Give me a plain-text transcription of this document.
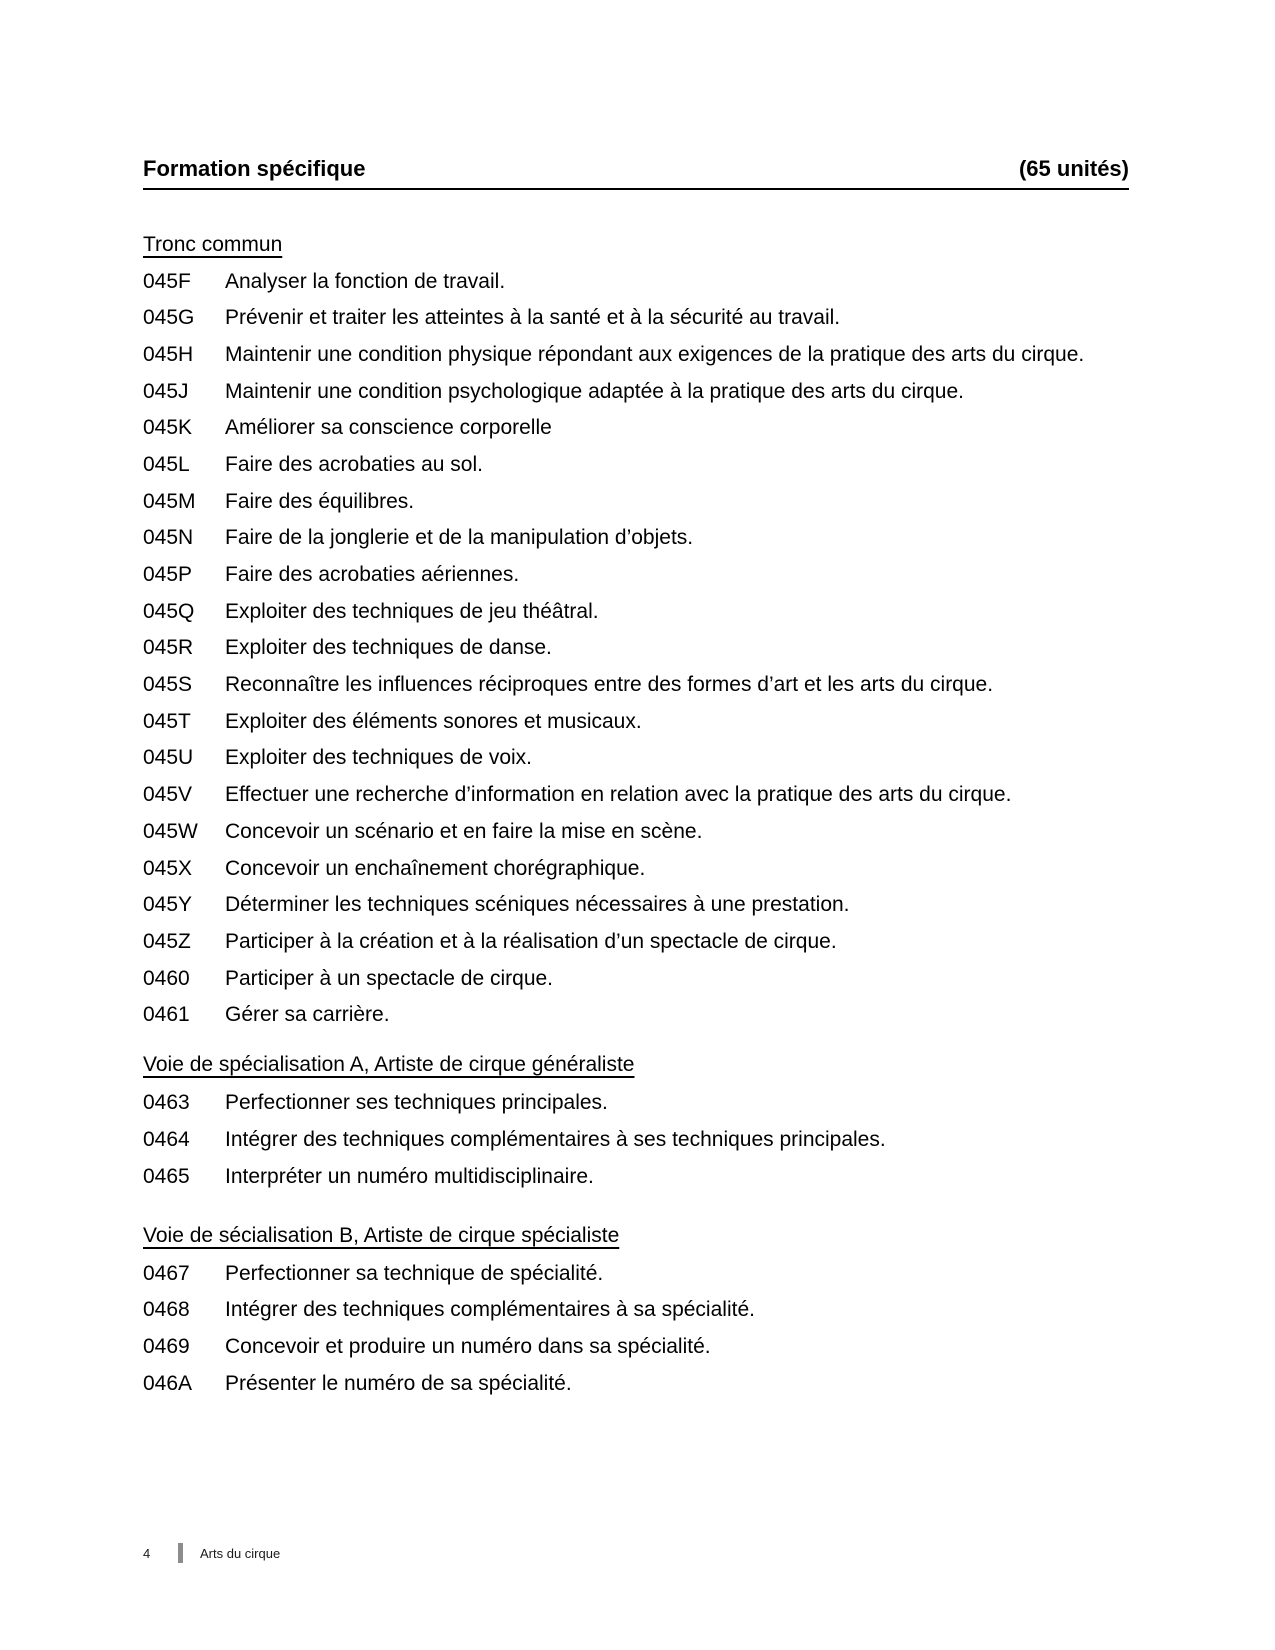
Formation spécifique	(65 unités)
Tronc commun
045F	Analyser la fonction de travail.
045G	Prévenir et traiter les atteintes à la santé et à la sécurité au travail.
045H	Maintenir une condition physique répondant aux exigences de la pratique des arts du cirque.
045J	Maintenir une condition psychologique adaptée à la pratique des arts du cirque.
045K	Améliorer sa conscience corporelle
045L	Faire des acrobaties au sol.
045M	Faire des équilibres.
045N	Faire de la jonglerie et de la manipulation d’objets.
045P	Faire des acrobaties aériennes.
045Q	Exploiter des techniques de jeu théâtral.
045R	Exploiter des techniques de danse.
045S	Reconnaître les influences réciproques entre des formes d’art et les arts du cirque.
045T	Exploiter des éléments sonores et musicaux.
045U	Exploiter des techniques de voix.
045V	Effectuer une recherche d’information en relation avec la pratique des arts du cirque.
045W	Concevoir un scénario et en faire la mise en scène.
045X	Concevoir un enchaînement chorégraphique.
045Y	Déterminer les techniques scéniques nécessaires à une prestation.
045Z	Participer à la création et à la réalisation d’un spectacle de cirque.
0460	Participer à un spectacle de cirque.
0461	Gérer sa carrière.
Voie de spécialisation A, Artiste de cirque généraliste
0463	Perfectionner ses techniques principales.
0464	Intégrer des techniques complémentaires à ses techniques principales.
0465	Interpréter un numéro multidisciplinaire.
Voie de sécialisation B, Artiste de cirque spécialiste
0467	Perfectionner sa technique de spécialité.
0468	Intégrer des techniques complémentaires à sa spécialité.
0469	Concevoir et produire un numéro dans sa spécialité.
046A	Présenter le numéro de sa spécialité.
4	Arts du cirque
